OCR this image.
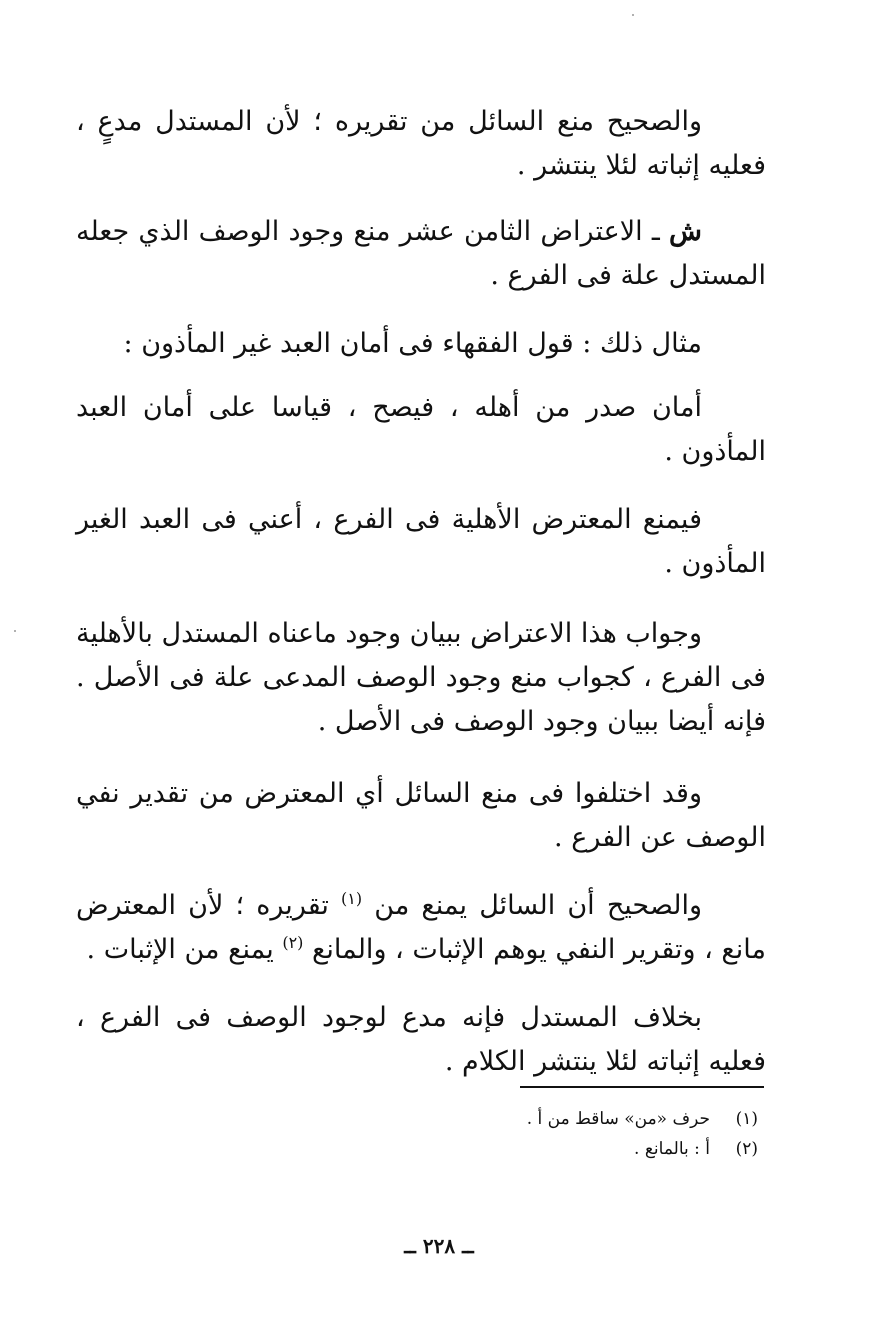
والصحيح منع السائل من تقريره ؛ لأن المستدل مدعٍ ، فعليه إثباته لئلا ينتشر .

ش ـ الاعتراض الثامن عشر منع وجود الوصف الذي جعله المستدل علة فى الفرع .

مثال ذلك : قول الفقهاء فى أمان العبد غير المأذون :

أمان صدر من أهله ، فيصح ، قياسا على أمان العبد المأذون .

فيمنع المعترض الأهلية فى الفرع ، أعني فى العبد الغير المأذون .

وجواب هذا الاعتراض ببيان وجود ماعناه المستدل بالأهلية فى الفرع ، كجواب منع وجود الوصف المدعى علة فى الأصل . فإنه أيضا ببيان وجود الوصف فى الأصل .

وقد اختلفوا فى منع السائل أي المعترض من تقدير نفي الوصف عن الفرع .

والصحيح أن السائل يمنع من $^{(١)}$ تقريره ؛ لأن المعترض مانع ، وتقرير النفي يوهم الإثبات ، والمانع $^{(٢)}$ يمنع من الإثبات .

بخلاف المستدل فإنه مدع لوجود الوصف فى الفرع ، فعليه إثباته لئلا ينتشر الكلام .

(١)
حرف «من» ساقط من أ .
(٢)
أ : بالمانع .
ــ ٢٢٨ ــ
